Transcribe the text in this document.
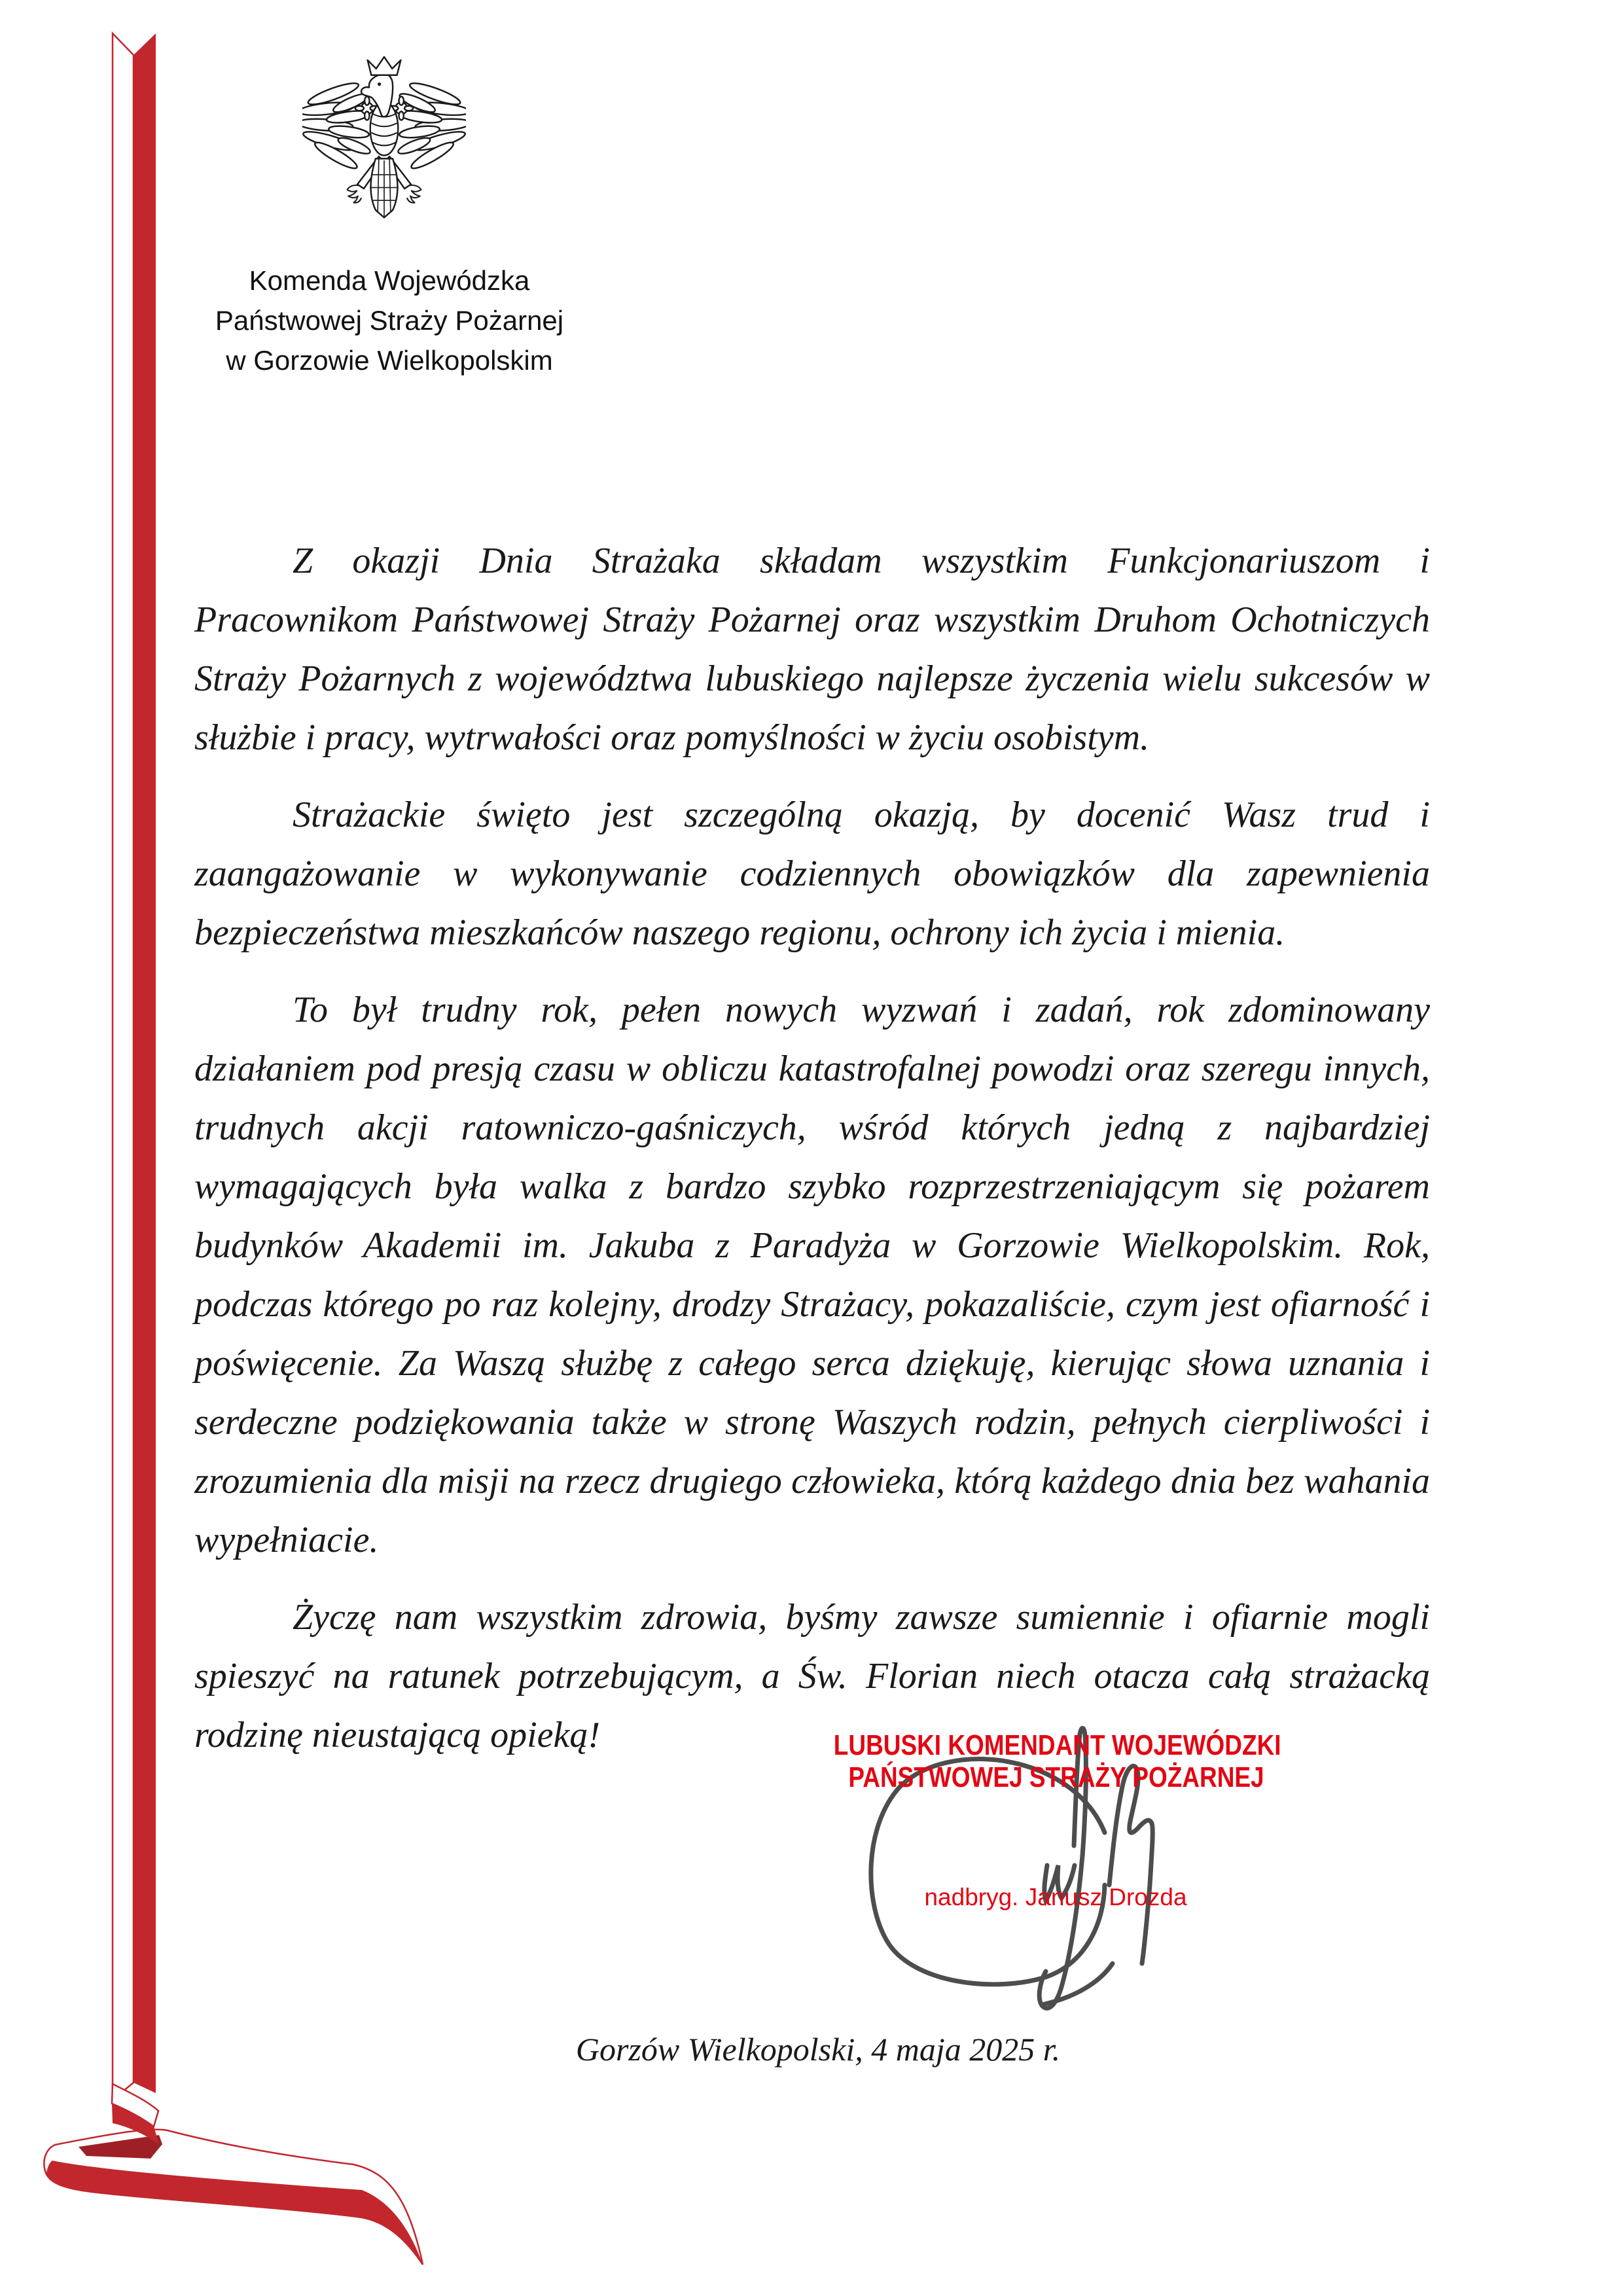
Komenda Wojewódzka
Państwowej Straży Pożarnej
w Gorzowie Wielkopolskim

Z okazji Dnia Strażaka składam wszystkim Funkcjonariuszom i Pracownikom Państwowej Straży Pożarnej oraz wszystkim Druhom Ochotniczych Straży Pożarnych z województwa lubuskiego najlepsze życzenia wielu sukcesów w służbie i pracy, wytrwałości oraz pomyślności w życiu osobistym.

Strażackie święto jest szczególną okazją, by docenić Wasz trud i zaangażowanie w wykonywanie codziennych obowiązków dla zapewnienia bezpieczeństwa mieszkańców naszego regionu, ochrony ich życia i mienia.

To był trudny rok, pełen nowych wyzwań i zadań, rok zdominowany działaniem pod presją czasu w obliczu katastrofalnej powodzi oraz szeregu innych, trudnych akcji ratowniczo-gaśniczych, wśród których jedną z najbardziej wymagających była walka z bardzo szybko rozprzestrzeniającym się pożarem budynków Akademii im. Jakuba z Paradyża w Gorzowie Wielkopolskim. Rok, podczas którego po raz kolejny, drodzy Strażacy, pokazaliście, czym jest ofiarność i poświęcenie. Za Waszą służbę z całego serca dziękuję, kierując słowa uznania i serdeczne podziękowania także w stronę Waszych rodzin, pełnych cierpliwości i zrozumienia dla misji na rzecz drugiego człowieka, którą każdego dnia bez wahania wypełniacie.

Życzę nam wszystkim zdrowia, byśmy zawsze sumiennie i ofiarnie mogli spieszyć na ratunek potrzebującym, a Św. Florian niech otacza całą strażacką rodzinę nieustającą opieką!	LUBUSKI KOMENDANT WOJEWÓDZKI
PAŃSTWOWEJ STRAŻY POŻARNEJ
nadbryg. Janusz Drozda
Gorzów Wielkopolski, 4 maja 2025 r.
